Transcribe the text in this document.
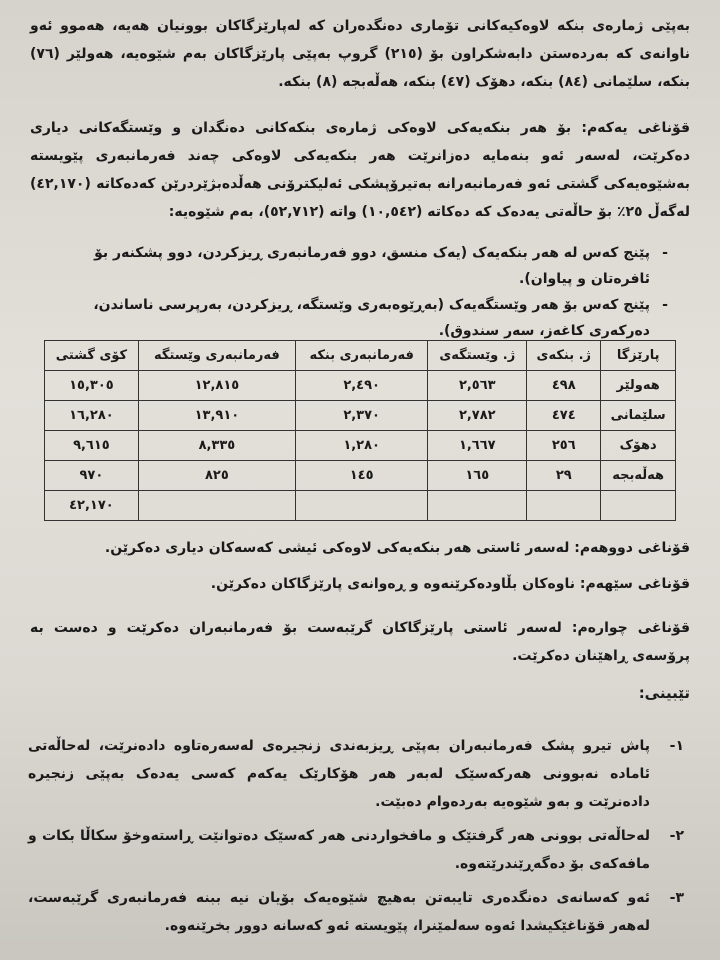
بەپێی ژمارەی بنکە لاوەکیەکانی تۆماری دەنگدەران کە لەپارێزگاکان بوونیان هەیە، هەموو ئەو ناوانەی کە بەردەستن دابەشکراون بۆ (٢١٥) گروپ بەپێی پارێزگاکان بەم شێوەیە، هەولێر (٧٦) بنکە، سلێمانی (٨٤) بنکە، دهۆک (٤٧) بنکە، هەڵەبجە (٨) بنکە.
قۆناغی یەکەم: بۆ هەر بنکەیەکی لاوەکی ژمارەی بنکەکانی دەنگدان و وێستگەکانی دیاری دەکرێت، لەسەر ئەو بنەمایە دەزانرێت هەر بنکەیەکی لاوەکی چەند فەرمانبەری پێویستە بەشێوەیەکی گشتی ئەو فەرمانبەرانە بەتیرۆپشکی ئەلیکترۆنی هەڵدەبژێردرێن کەدەکاتە (٤٢,١٧٠) لەگەڵ ٢٥٪ بۆ حاڵەتی یەدەک کە دەکاتە (١٠,٥٤٢) واتە (٥٢,٧١٢)، بەم شێوەیە:
-
پێنج کەس لە هەر بنکەیەک (یەک منسق، دوو فەرمانبەری ڕیزکردن، دوو پشکنەر بۆ ئافرەتان و پیاوان).
-
پێنج کەس بۆ هەر وێستگەیەک (بەڕێوەبەری وێستگە، ڕیزکردن، بەرپرسی ناساندن، دەرکەری کاغەز، سەر سندوق).
پارێزگا	ژ. بنکەی	ژ. وێستگەی	فەرمانبەری بنکە	فەرمانبەری وێستگە	کۆی گشتی
هەولێر	٤٩٨	٢,٥٦٣	٢,٤٩٠	١٢,٨١٥	١٥,٣٠٥
سلێمانی	٤٧٤	٢,٧٨٢	٢,٣٧٠	١٣,٩١٠	١٦,٢٨٠
دهۆک	٢٥٦	١,٦٦٧	١,٢٨٠	٨,٣٣٥	٩,٦١٥
هەڵەبجە	٢٩	١٦٥	١٤٥	٨٢٥	٩٧٠
					٤٢,١٧٠
قۆناغی دووهەم: لەسەر ئاستی هەر بنکەیەکی لاوەکی ئیشی کەسەکان دیاری دەکرێن.
قۆناغی سێهەم: ناوەکان بڵاودەکرێنەوە و ڕەوانەی پارێزگاکان دەکرێن.
قۆناغی چوارەم: لەسەر ئاستی پارێزگاکان گرێبەست بۆ فەرمانبەران دەکرێت و دەست بە پرۆسەی ڕاهێنان دەکرێت.
تێبینی:
١-
پاش تیرو پشک فەرمانبەران بەپێی ڕیزبەندی زنجیرەی لەسەرەتاوە دادەنرێت، لەحاڵەتی ئامادە نەبوونی هەرکەسێک لەبەر هەر هۆکارێک یەکەم کەسی یەدەک بەپێی زنجیرە دادەنرێت و بەو شێوەیە بەردەوام دەبێت.
٢-
لەحاڵەتی بوونی هەر گرفتێک و مافخواردنی هەر کەسێک دەتوانێت ڕاستەوخۆ سکاڵا بکات و مافەکەی بۆ دەگەڕێندرێتەوە.
٣-
ئەو کەسانەی دەنگدەری تایبەتن بەهیچ شێوەیەک بۆیان نیە ببنە فەرمانبەری گرێبەست، لەهەر قۆناغێکیشدا ئەوە سەلمێنرا، پێویستە ئەو کەسانە دوور بخرێنەوە.
